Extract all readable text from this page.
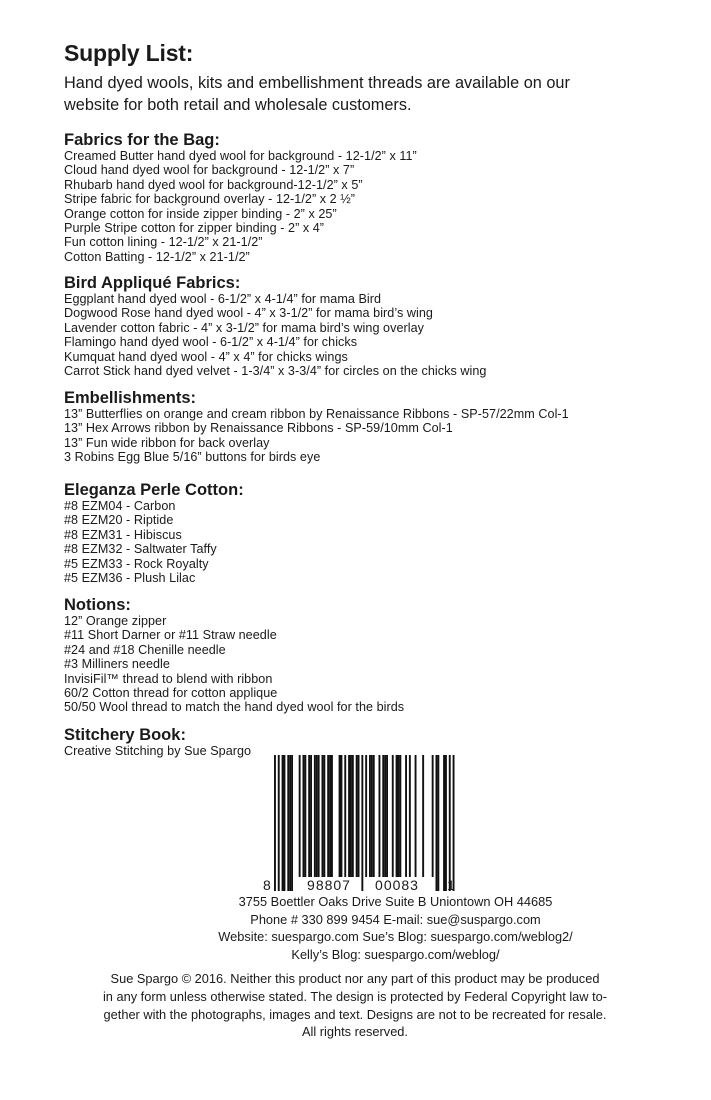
Supply List:

Hand dyed wools, kits and embellishment threads are available on our
website for both retail and wholesale customers.

Fabrics for the Bag:
Creamed Butter hand dyed wool for background - 12-1/2” x 11”
Cloud hand dyed wool for background - 12-1/2” x 7”
Rhubarb hand dyed wool for background-12-1/2” x 5”
Stripe fabric for background overlay - 12-1/2” x 2 ½”
Orange cotton for inside zipper binding - 2” x 25”
Purple Stripe cotton for zipper binding - 2” x 4”
Fun cotton lining - 12-1/2” x 21-1/2”
Cotton Batting - 12-1/2” x 21-1/2”
Bird Appliqué Fabrics:
Eggplant hand dyed wool - 6-1/2” x 4-1/4” for mama Bird
Dogwood Rose hand dyed wool - 4” x 3-1/2” for mama bird’s wing
Lavender cotton fabric - 4” x 3-1/2” for mama bird’s wing overlay
Flamingo hand dyed wool - 6-1/2” x 4-1/4” for chicks
Kumquat hand dyed wool - 4” x 4” for chicks wings
Carrot Stick hand dyed velvet - 1-3/4” x 3-3/4” for circles on the chicks wing
Embellishments:
13” Butterflies on orange and cream ribbon by Renaissance Ribbons - SP-57/22mm Col-1
13” Hex Arrows ribbon by Renaissance Ribbons - SP-59/10mm Col-1
13” Fun wide ribbon for back overlay
3 Robins Egg Blue 5/16” buttons for birds eye
Eleganza Perle Cotton:
#8 EZM04 - Carbon
#8 EZM20 - Riptide
#8 EZM31 - Hibiscus
#8 EZM32 - Saltwater Taffy
#5 EZM33 - Rock Royalty
#5 EZM36 - Plush Lilac
Notions:
12” Orange zipper
#11 Short Darner or #11 Straw needle
#24 and #18 Chenille needle
#3 Milliners needle
InvisiFil™ thread to blend with ribbon
60/2 Cotton thread for cotton applique
50/50 Wool thread to match the hand dyed wool for the birds
Stitchery Book:
Creative Stitching by Sue Spargo
8	98807	00083	1
3755 Boettler Oaks Drive Suite B Uniontown OH 44685
Phone # 330 899 9454 E-mail: sue@suspargo.com
Website: suespargo.com Sue’s Blog: suespargo.com/weblog2/
Kelly’s Blog: suespargo.com/weblog/
Sue Spargo © 2016. Neither this product nor any part of this product may be produced
in any form unless otherwise stated. The design is protected by Federal Copyright law to-
gether with the photographs, images and text. Designs are not to be recreated for resale.
All rights reserved.
